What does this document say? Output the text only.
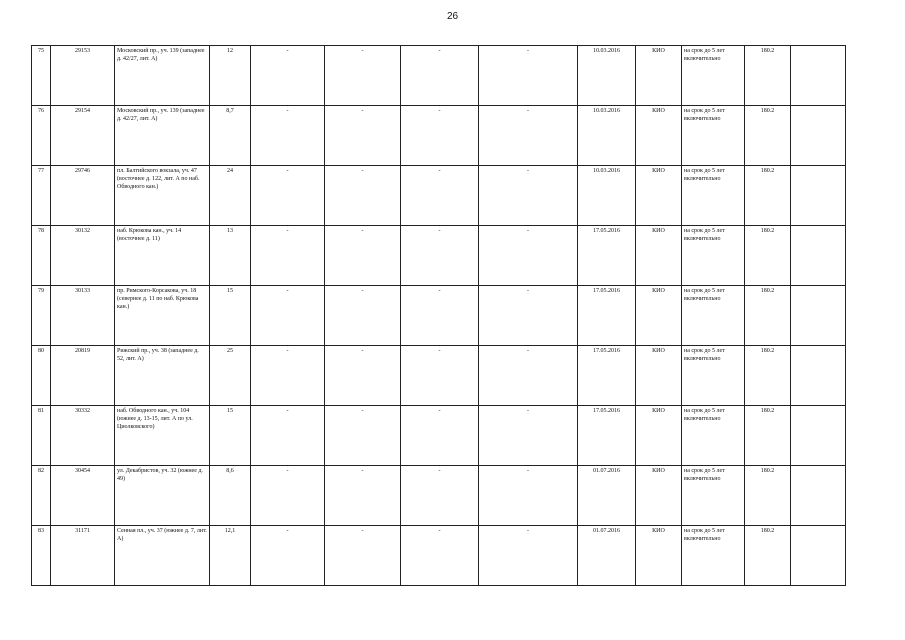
26
75	29153	Московский пр., уч. 139 (западнее д. 42/27, лит. А)	12	-	-	-	-	10.03.2016	КИО	на срок до 5 лет включительно	180.2	
76	29154	Московский пр., уч. 139 (западнее д. 42/27, лит. А)	8,7	-	-	-	-	10.03.2016	КИО	на срок до 5 лет включительно	180.2	
77	29746	пл. Балтийского вокзала, уч. 47 (восточнее д. 122, лит. А по наб. Обводного кан.)	24	-	-	-	-	10.03.2016	КИО	на срок до 5 лет включительно	180.2	
78	30132	наб. Крюкова кан., уч. 14 (восточнее д. 11)	13	-	-	-	-	17.05.2016	КИО	на срок до 5 лет включительно	180.2	
79	30133	пр. Римского-Корсакова, уч. 18 (севернее д. 11 по наб. Крюкова кан.)	15	-	-	-	-	17.05.2016	КИО	на срок до 5 лет включительно	180.2	
80	20819	Рижский пр., уч. 38 (западнее д. 52, лит. А)	25	-	-	-	-	17.05.2016	КИО	на срок до 5 лет включительно	180.2	
81	30332	наб. Обводного кан., уч. 104 (южнее д. 13-15, лит. А по ул. Циолковского)	15	-	-	-	-	17.05.2016	КИО	на срок до 5 лет включительно	180.2	
82	30454	ул. Декабристов, уч. 32 (южнее д. 49)	8,6	-	-	-	-	01.07.2016	КИО	на срок до 5 лет включительно	180.2	
83	31171	Сенная пл., уч. 37 (южнее д. 7, лит. А)	12,1	-	-	-	-	01.07.2016	КИО	на срок до 5 лет включительно	180.2	
